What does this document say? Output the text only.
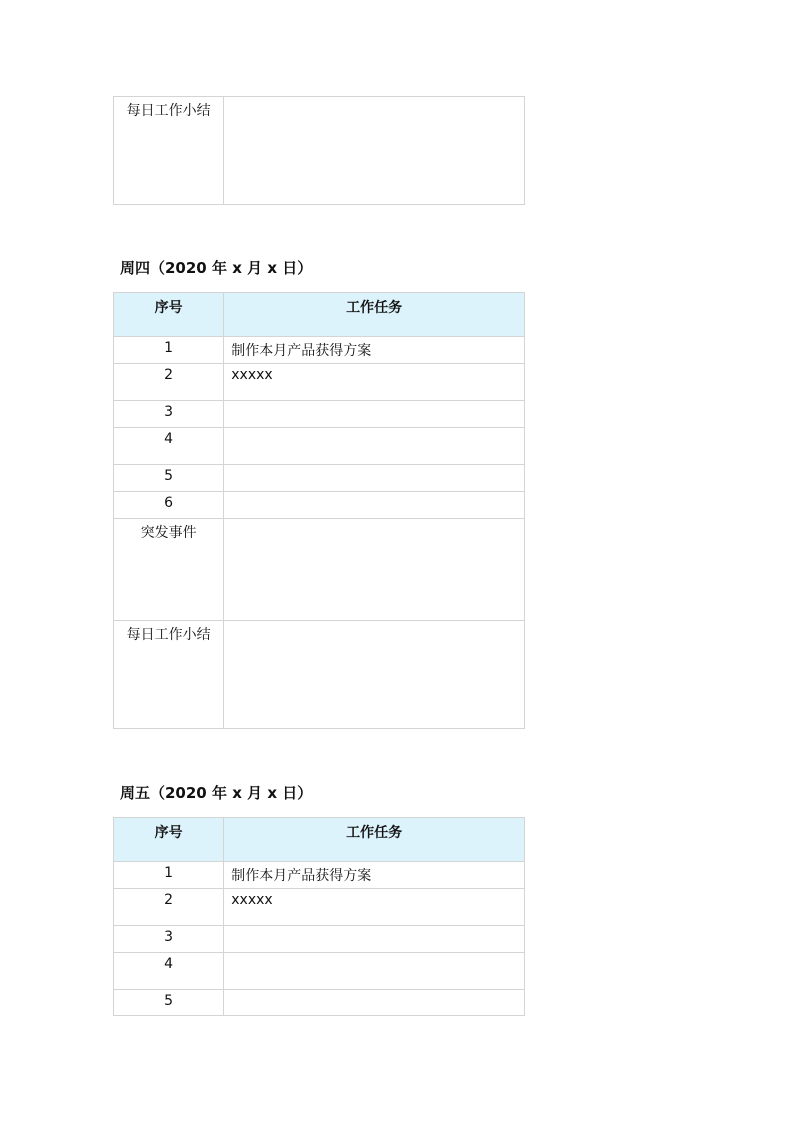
每日工作小结

周四（2020 年 x 月 x 日）
序号	工作任务

1	制作本月产品获得方案

2	xxxxx

3	

4	

5	

6	

突发事件	

每日工作小结	

周五（2020 年 x 月 x 日）
序号	工作任务

1	制作本月产品获得方案

2	xxxxx

3	

4	

5	
